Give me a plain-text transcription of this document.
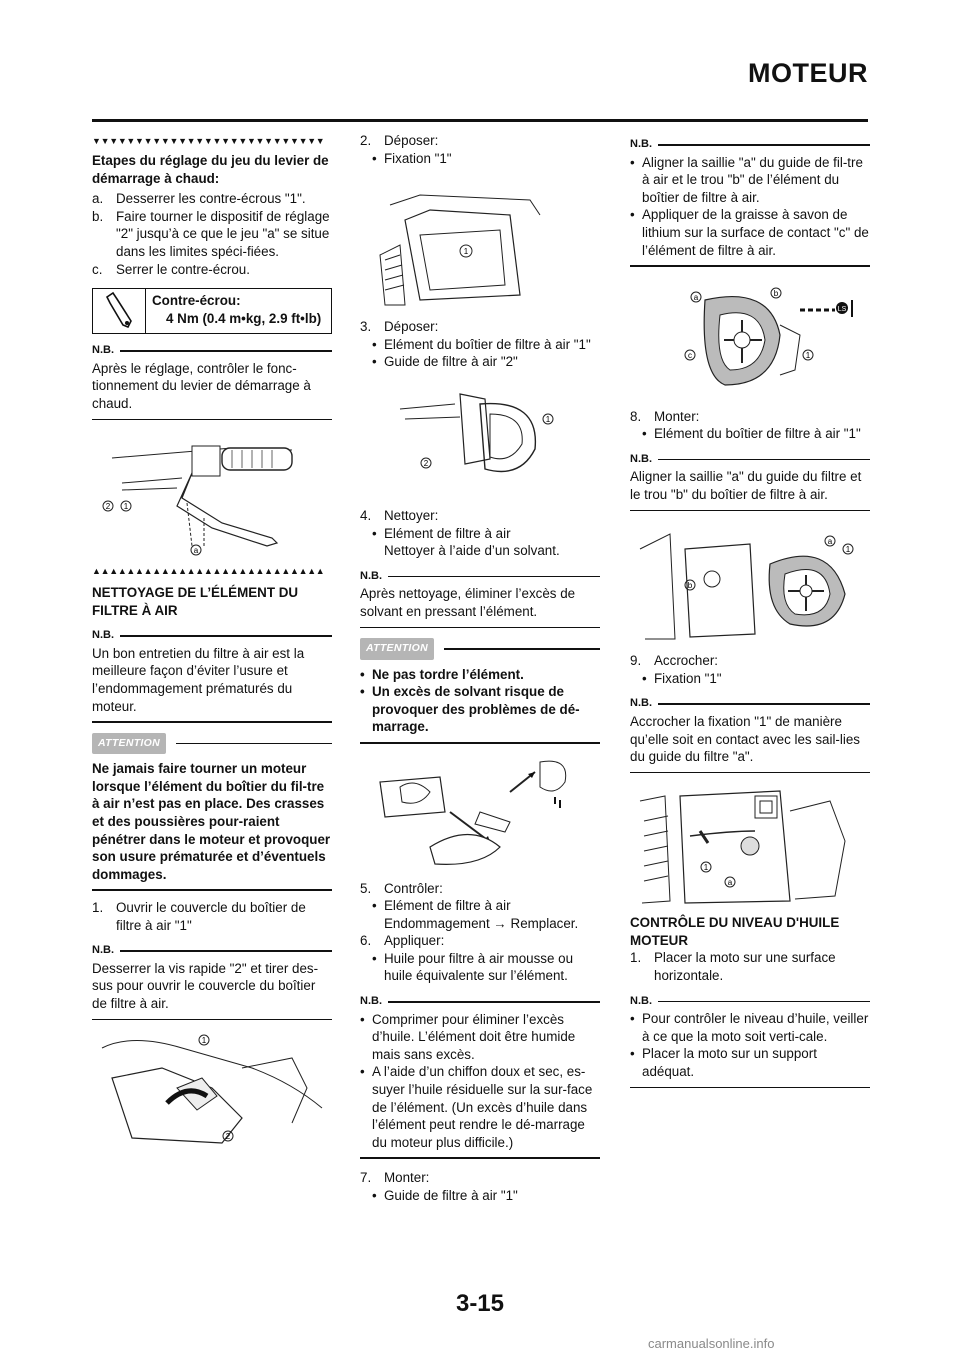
MOTEUR
▼▼▼▼▼▼▼▼▼▼▼▼▼▼▼▼▼▼▼▼▼▼▼▼▼▼▼

Etapes du réglage du jeu du levier de démarrage à chaud:

a. Desserrer les contre-écrous "1".
b. Faire tourner le dispositif de réglage "2" jusqu’à ce que le jeu "a" se situe dans les limites spéci-fiées.
c.	Serrer le contre-écrou.

Contre-écrou:

4 Nm (0.4 m•kg, 2.9 ft•lb)

N.B.

Après le réglage, contrôler le fonc-tionnement du levier de démarrage à chaud.

2 1
a
▲▲▲▲▲▲▲▲▲▲▲▲▲▲▲▲▲▲▲▲▲▲▲▲▲▲▲

NETTOYAGE DE L’ÉLÉMENT DU FILTRE À AIR

N.B.

Un bon entretien du filtre à air est la meilleure façon d’éviter l’usure et l’endommagement prématurés du moteur.

ATTENTION

Ne jamais faire tourner un moteur lorsque l’élément du boîtier du fil-tre à air n’est pas en place. Des crasses et des poussières pour-raient pénétrer dans le moteur et provoquer son usure prématurée et d’éventuels dommages.

1. Ouvrir le couvercle du boîtier de filtre à air "1"
N.B.

Desserrer la vis rapide "2" et tirer des-sus pour ouvrir le couvercle du boîtier de filtre à air.

1
2
2. Déposer:
• Fixation "1"
1
3. Déposer:
• Elément du boîtier de filtre à air "1"
• Guide de filtre à air "2"
1
2
4. Nettoyer:
• Elément de filtre à air

Nettoyer à l’aide d’un solvant.

N.B.

Après nettoyage, éliminer l’excès de solvant en pressant l’élément.

ATTENTION
• Ne pas tordre l’élément.
• Un excès de solvant risque de provoquer des problèmes de dé-marrage.
5. Contrôler:
• Elément de filtre à air

Endommagement → Remplacer.

6. Appliquer:
• Huile pour filtre à air mousse ou huile équivalente sur l’élément.
N.B.
• Comprimer pour éliminer l’excès d’huile. L’élément doit être humide mais sans excès.
• A l’aide d’un chiffon doux et sec, es-suyer l’huile résiduelle sur la sur-face de l’élément. (Un excès d’huile dans l’élément peut rendre le dé-marrage du moteur plus difficile.)
7. Monter:
• Guide de filtre à air "1"
N.B.
• Aligner la saillie "a" du guide de fil-tre à air et le trou "b" de l’élément du boîtier de filtre à air.
• Appliquer de la graisse à savon de lithium sur la surface de contact "c" de l’élément de filtre à air.
LS
a	b
c	1
8. Monter:
• Elément du boîtier de filtre à air "1"
N.B.

Aligner la saillie "a" du guide du filtre et le trou "b" du boîtier de filtre à air.

a
1
b
9. Accrocher:
• Fixation "1"
N.B.

Accrocher la fixation "1" de manière qu’elle soit en contact avec les sail-lies du guide du filtre "a".

1
a

CONTRÔLE DU NIVEAU D'HUILE MOTEUR

1. Placer la moto sur une surface horizontale.
N.B.
• Pour contrôler le niveau d’huile, veiller à ce que la moto soit verti-cale.
• Placer la moto sur un support adéquat.
3-15
carmanualsonline.info
